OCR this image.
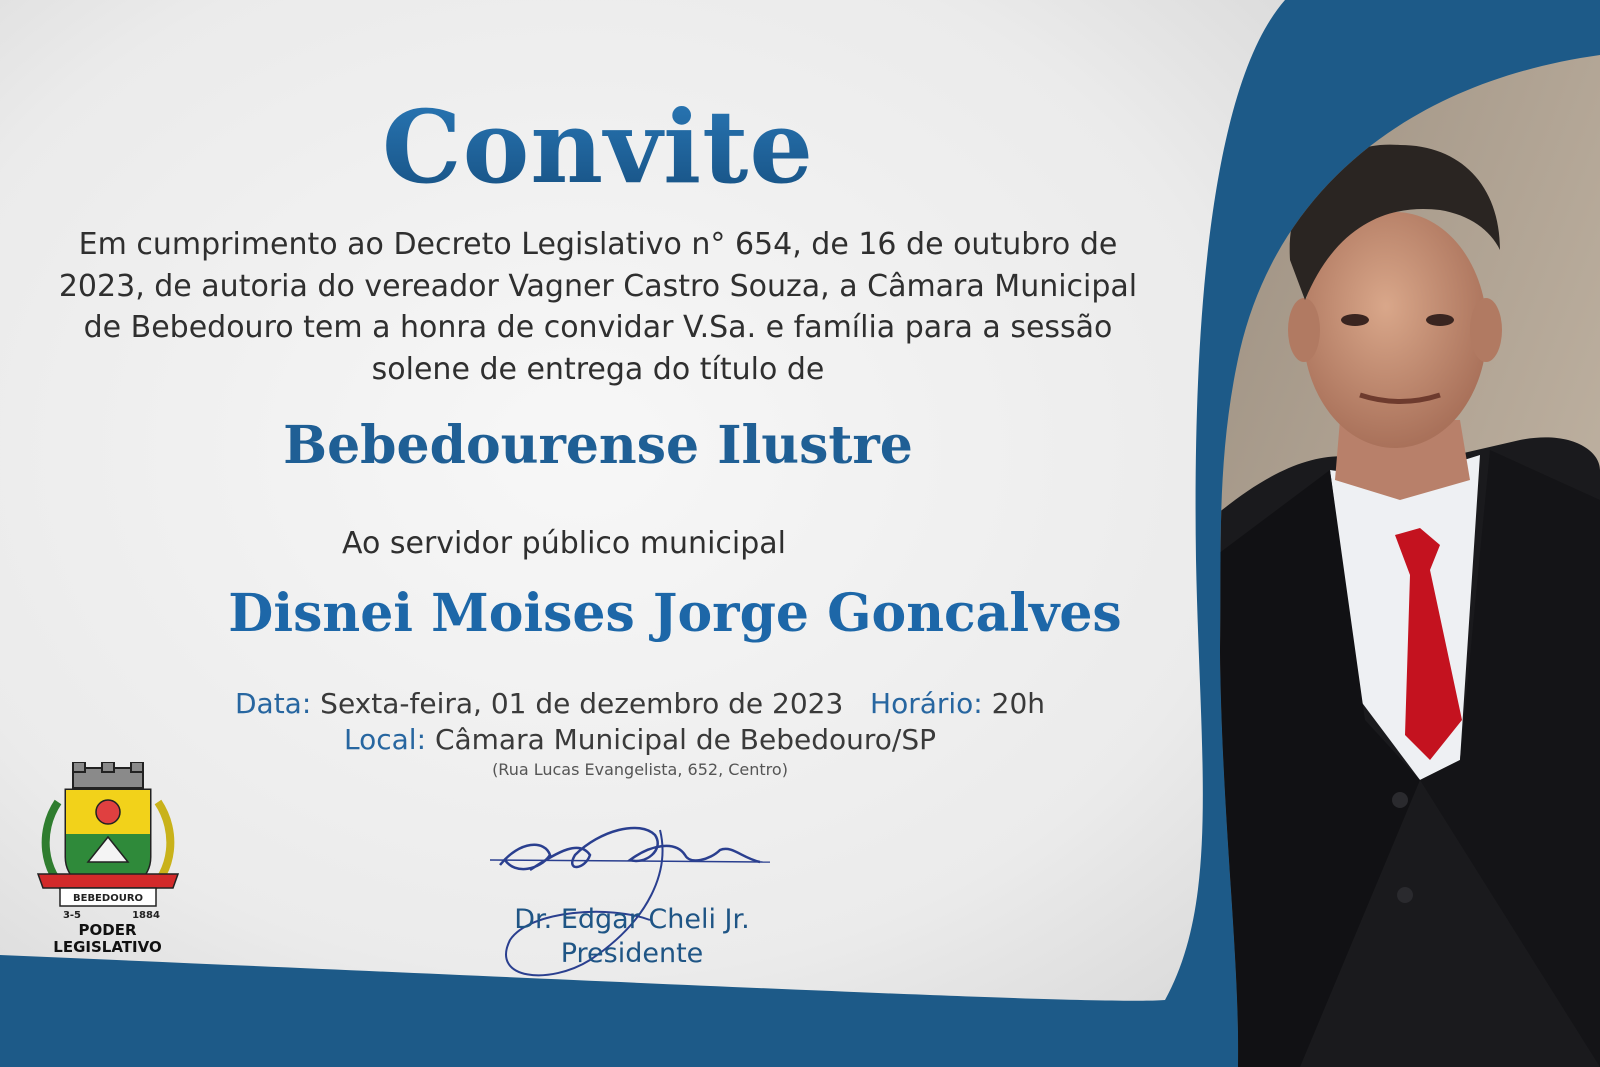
Convite

Em cumprimento ao Decreto Legislativo n° 654, de 16 de outubro de 2023, de autoria do vereador Vagner Castro Souza, a Câmara Municipal de Bebedouro tem a honra de convidar V.Sa. e família para a sessão solene de entrega do título de

Bebedourense Ilustre
Ao servidor público municipal
Disnei Moises Jorge Goncalves
Data: Sexta-feira, 01 de dezembro de 2023 Horário: 20h
Local: Câmara Municipal de Bebedouro/SP
(Rua Lucas Evangelista, 652, Centro)
Dr. Edgar Cheli Jr.
Presidente
BEBEDOURO
3-5	1884
PODER
LEGISLATIVO
